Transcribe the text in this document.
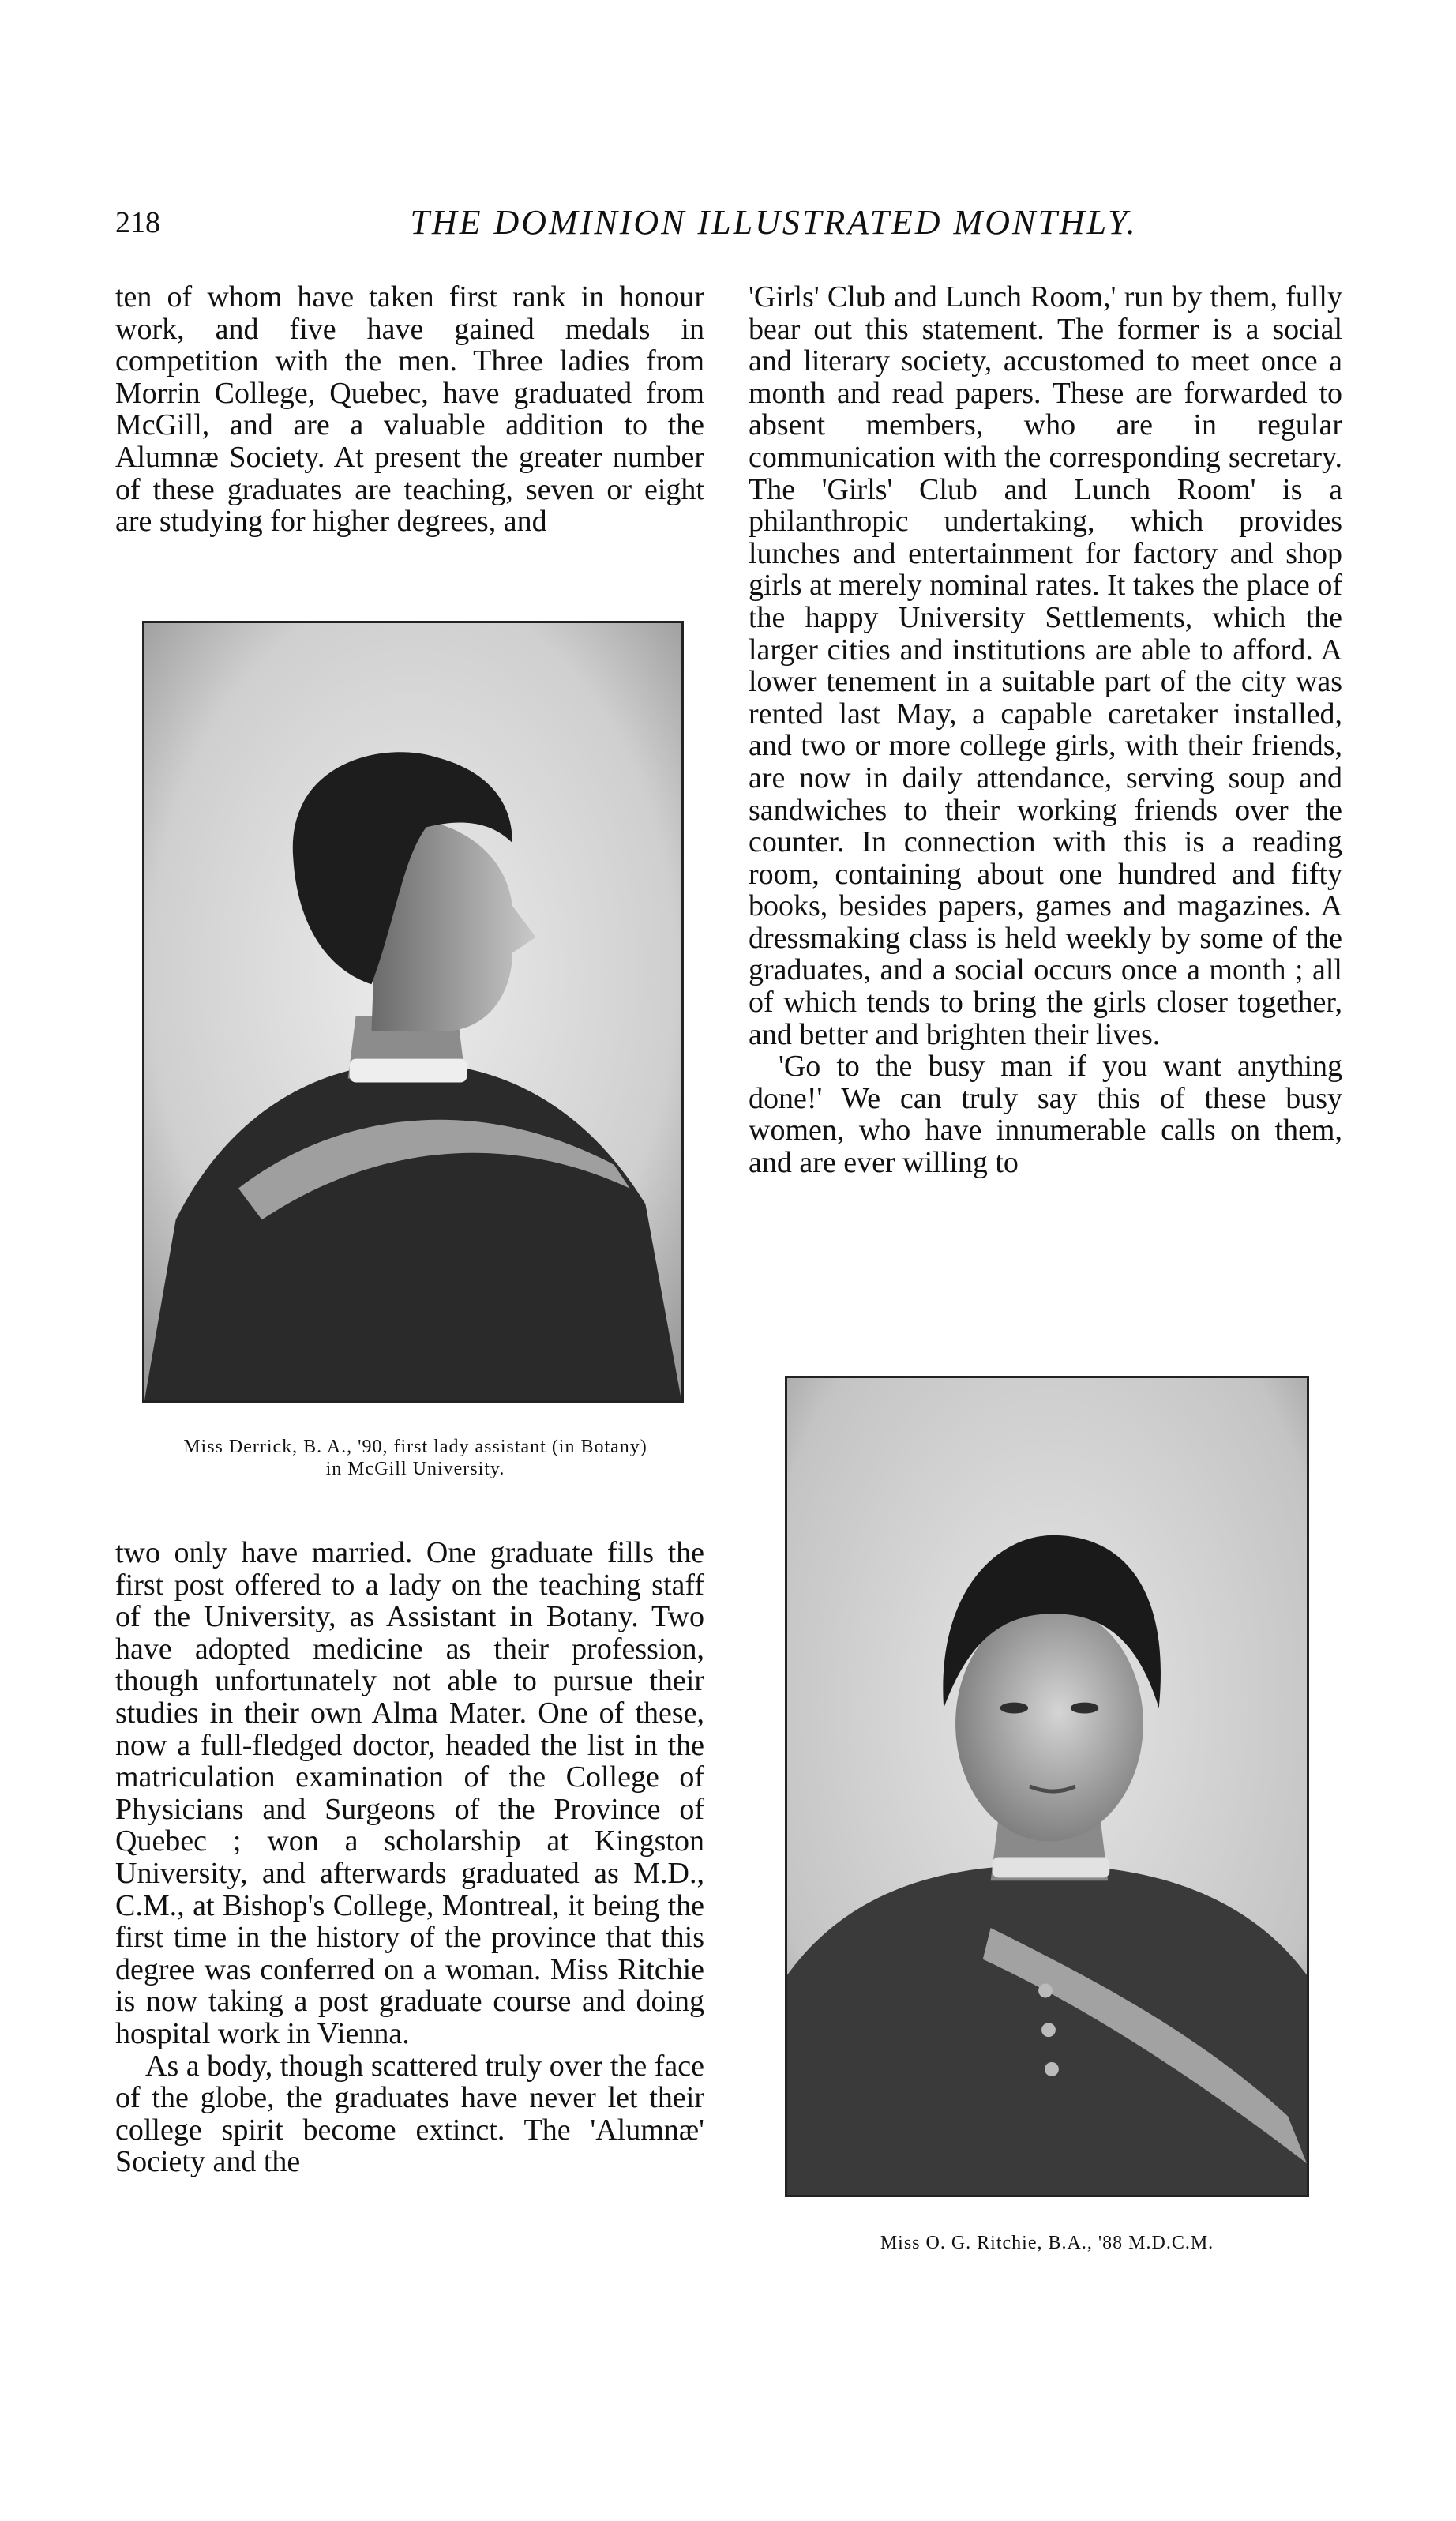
218	THE DOMINION ILLUSTRATED MONTHLY.

ten of whom have taken first rank in honour work, and five have gained medals in competition with the men. Three ladies from Morrin College, Quebec, have graduated from McGill, and are a valuable addition to the Alumnæ Society. At present the greater number of these graduates are teaching, seven or eight are studying for higher degrees, and

Miss Derrick, B. A., '90, first lady assistant (in Botany)
in McGill University.

two only have married. One graduate fills the first post offered to a lady on the teaching staff of the University, as Assistant in Botany. Two have adopted medicine as their profession, though unfortunately not able to pursue their studies in their own Alma Mater. One of these, now a full-fledged doctor, headed the list in the matriculation examination of the College of Physicians and Surgeons of the Province of Quebec ; won a scholarship at Kingston University, and afterwards graduated as M.D., C.M., at Bishop's College, Montreal, it being the first time in the history of the province that this degree was conferred on a woman. Miss Ritchie is now taking a post graduate course and doing hospital work in Vienna.

As a body, though scattered truly over the face of the globe, the graduates have never let their college spirit become extinct. The 'Alumnæ' Society and the

'Girls' Club and Lunch Room,' run by them, fully bear out this statement. The former is a social and literary society, accustomed to meet once a month and read papers. These are forwarded to absent members, who are in regular communication with the corresponding secretary. The 'Girls' Club and Lunch Room' is a philanthropic undertaking, which provides lunches and entertainment for factory and shop girls at merely nominal rates. It takes the place of the happy University Settlements, which the larger cities and institutions are able to afford. A lower tenement in a suitable part of the city was rented last May, a capable caretaker installed, and two or more college girls, with their friends, are now in daily attendance, serving soup and sandwiches to their working friends over the counter. In connection with this is a reading room, containing about one hundred and fifty books, besides papers, games and magazines. A dressmaking class is held weekly by some of the graduates, and a social occurs once a month ; all of which tends to bring the girls closer together, and better and brighten their lives.

'Go to the busy man if you want anything done!' We can truly say this of these busy women, who have innumerable calls on them, and are ever willing to

Miss O. G. Ritchie, B.A., '88 M.D.C.M.
